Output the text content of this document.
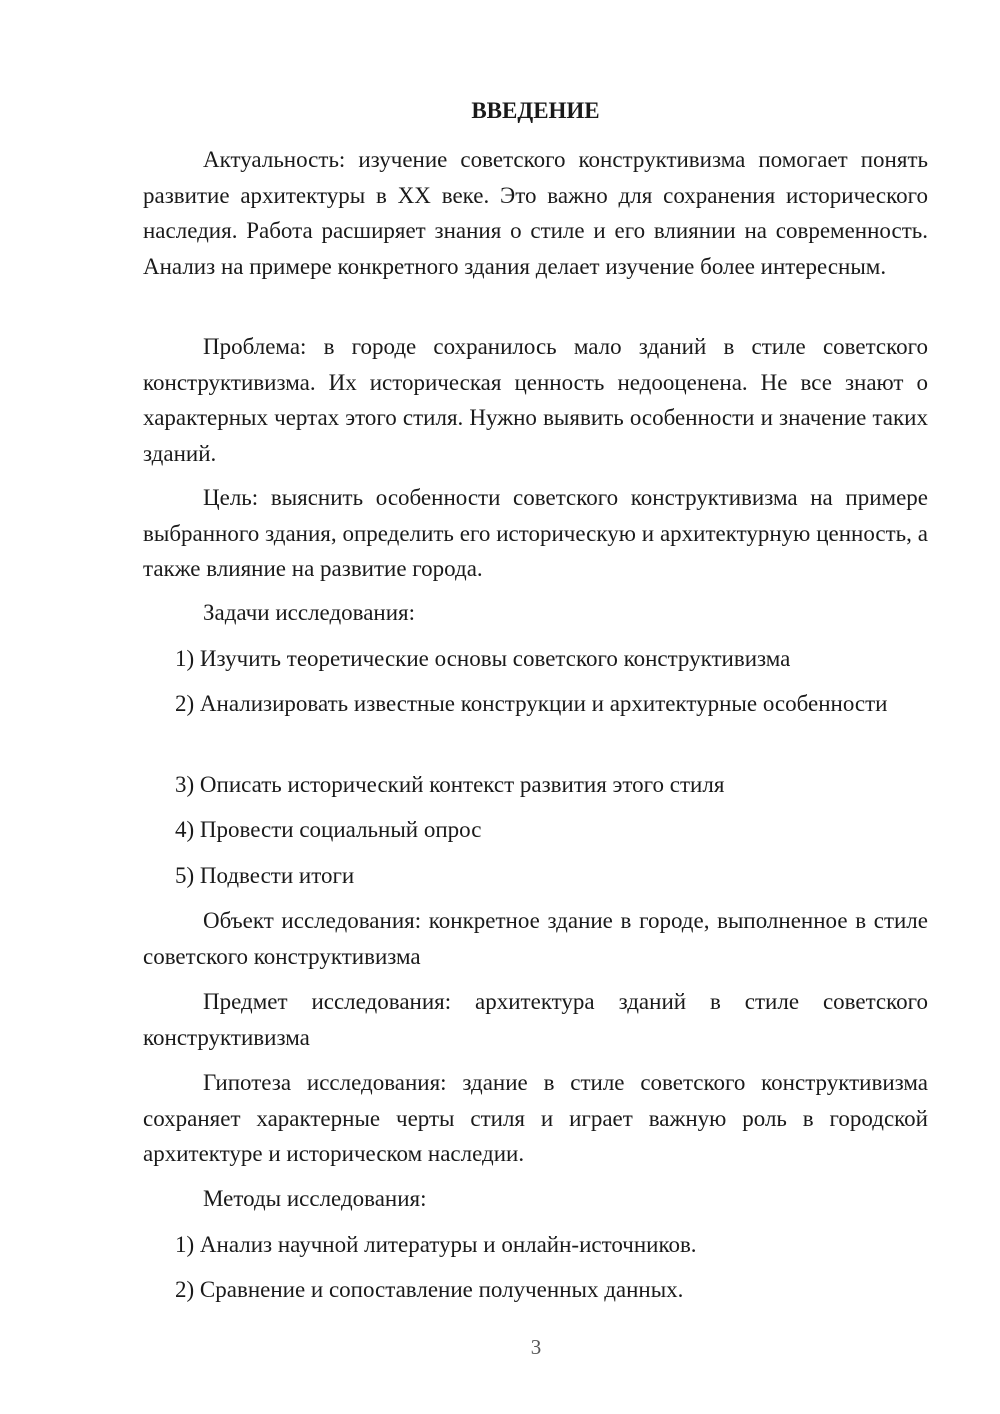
ВВЕДЕНИЕ

Актуальность: изучение советского конструктивизма помогает понять развитие архитектуры в XX веке. Это важно для сохранения исторического наследия. Работа расширяет знания о стиле и его влиянии на современность. Анализ на примере конкретного здания делает изучение более интересным.

Проблема: в городе сохранилось мало зданий в стиле советского конструктивизма. Их историческая ценность недооценена. Не все знают о характерных чертах этого стиля. Нужно выявить особенности и значение таких зданий.

Цель: выяснить особенности советского конструктивизма на примере выбранного здания, определить его историческую и архитектурную ценность, а также влияние на развитие города.

Задачи исследования:

1) Изучить теоретические основы советского конструктивизма

2) Анализировать известные конструкции и архитектурные особенности

3) Описать исторический контекст развития этого стиля

4) Провести социальный опрос

5) Подвести итоги

Объект исследования: конкретное здание в городе, выполненное в стиле советского конструктивизма

Предмет исследования: архитектура зданий в стиле советского конструктивизма

Гипотеза исследования: здание в стиле советского конструктивизма сохраняет характерные черты стиля и играет важную роль в городской архитектуре и историческом наследии.

Методы исследования:

1) Анализ научной литературы и онлайн-источников.

2) Сравнение и сопоставление полученных данных.

3
